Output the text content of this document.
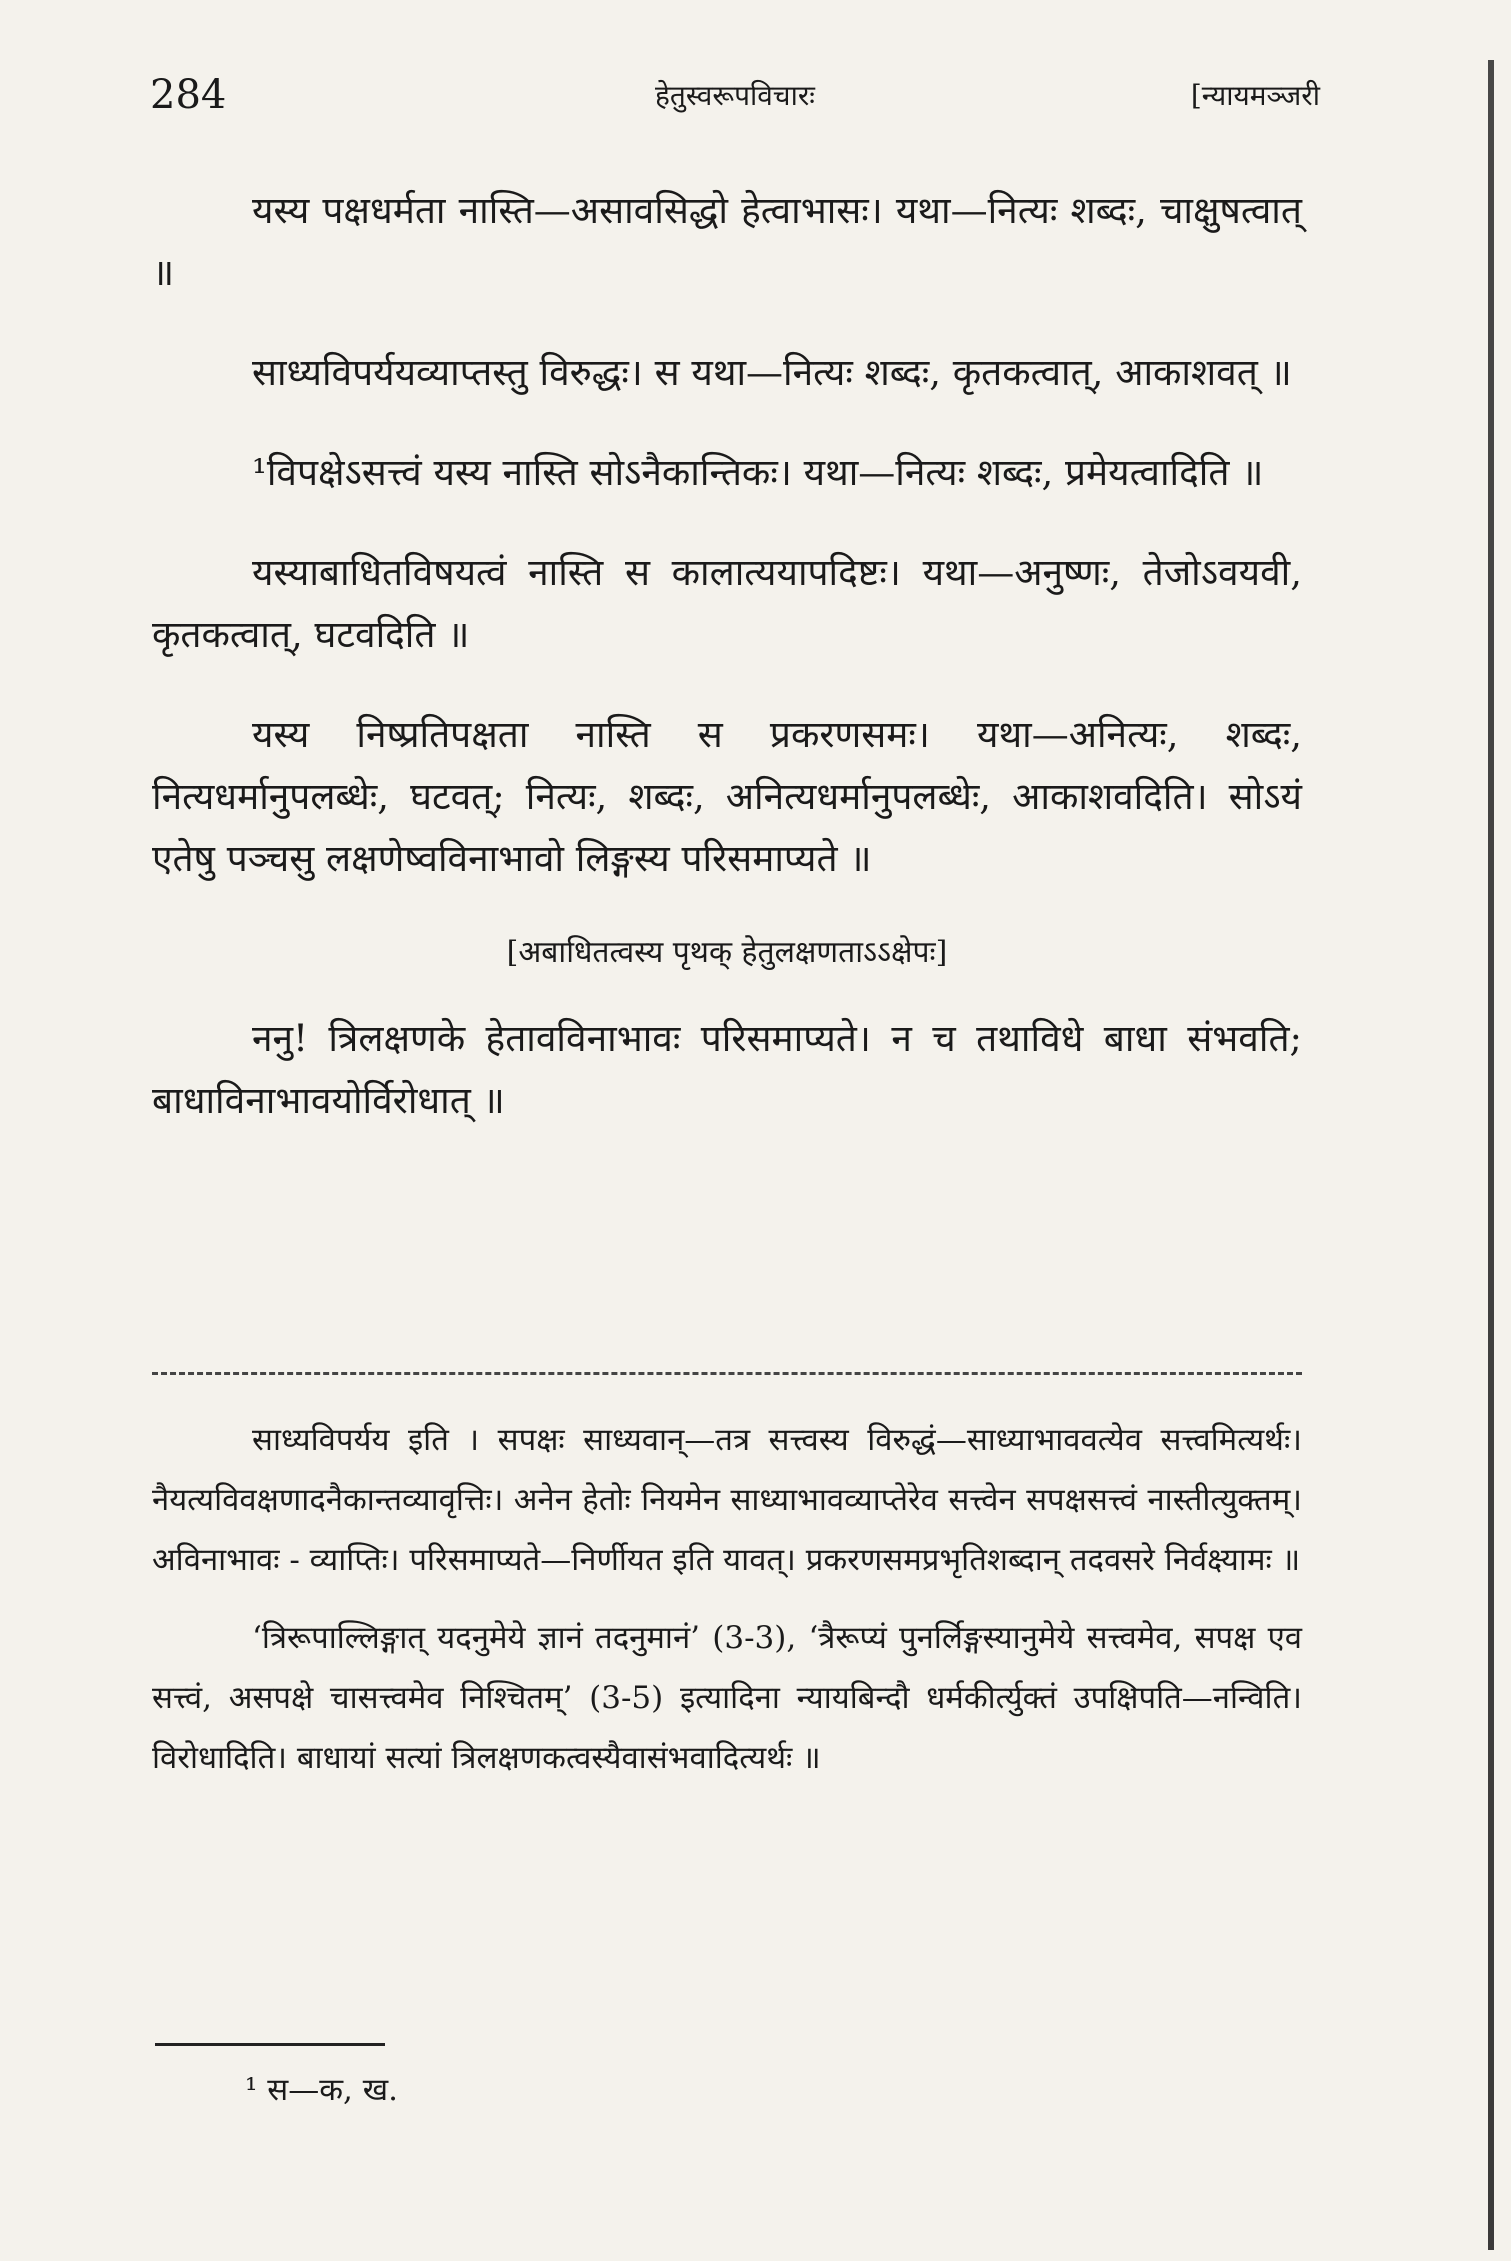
284	हेतुस्वरूपविचारः	[न्यायमञ्जरी

यस्य पक्षधर्मता नास्ति—असावसिद्धो हेत्वाभासः। यथा—नित्यः शब्दः, चाक्षुषत्वात् ॥

साध्यविपर्ययव्याप्तस्तु विरुद्धः। स यथा—नित्यः शब्दः, कृतकत्वात्, आकाशवत् ॥

¹विपक्षेऽसत्त्वं यस्य नास्ति सोऽनैकान्तिकः। यथा—नित्यः शब्दः, प्रमेयत्वादिति ॥

यस्याबाधितविषयत्वं नास्ति स कालात्ययापदिष्टः। यथा—अनुष्णः, तेजोऽवयवी, कृतकत्वात्, घटवदिति ॥

यस्य निष्प्रतिपक्षता नास्ति स प्रकरणसमः। यथा—अनित्यः, शब्दः, नित्यधर्मानुपलब्धेः, घटवत्; नित्यः, शब्दः, अनित्यधर्मानुपलब्धेः, आकाशवदिति। सोऽयं एतेषु पञ्चसु लक्षणेष्वविनाभावो लिङ्गस्य परिसमाप्यते ॥

[अबाधितत्वस्य पृथक् हेतुलक्षणताऽऽक्षेपः]

ननु! त्रिलक्षणके हेतावविनाभावः परिसमाप्यते। न च तथाविधे बाधा संभवति; बाधाविनाभावयोर्विरोधात् ॥

साध्यविपर्यय इति । सपक्षः साध्यवान्—तत्र सत्त्वस्य विरुद्धं—साध्याभाववत्येव सत्त्वमित्यर्थः। नैयत्यविवक्षणादनैकान्तव्यावृत्तिः। अनेन हेतोः नियमेन साध्याभावव्याप्तेरेव सत्त्वेन सपक्षसत्त्वं नास्तीत्युक्तम्। अविनाभावः - व्याप्तिः। परिसमाप्यते—निर्णीयत इति यावत्। प्रकरणसमप्रभृतिशब्दान् तदवसरे निर्वक्ष्यामः ॥

‘त्रिरूपाल्लिङ्गात् यदनुमेये ज्ञानं तदनुमानं’ (3-3), ‘त्रैरूप्यं पुनर्लिङ्गस्यानुमेये सत्त्वमेव, सपक्ष एव सत्त्वं, असपक्षे चासत्त्वमेव निश्चितम्’ (3-5) इत्यादिना न्यायबिन्दौ धर्मकीर्त्युक्तं उपक्षिपति—नन्विति। विरोधादिति। बाधायां सत्यां त्रिलक्षणकत्वस्यैवासंभवादित्यर्थः ॥

¹ स—क, ख.
